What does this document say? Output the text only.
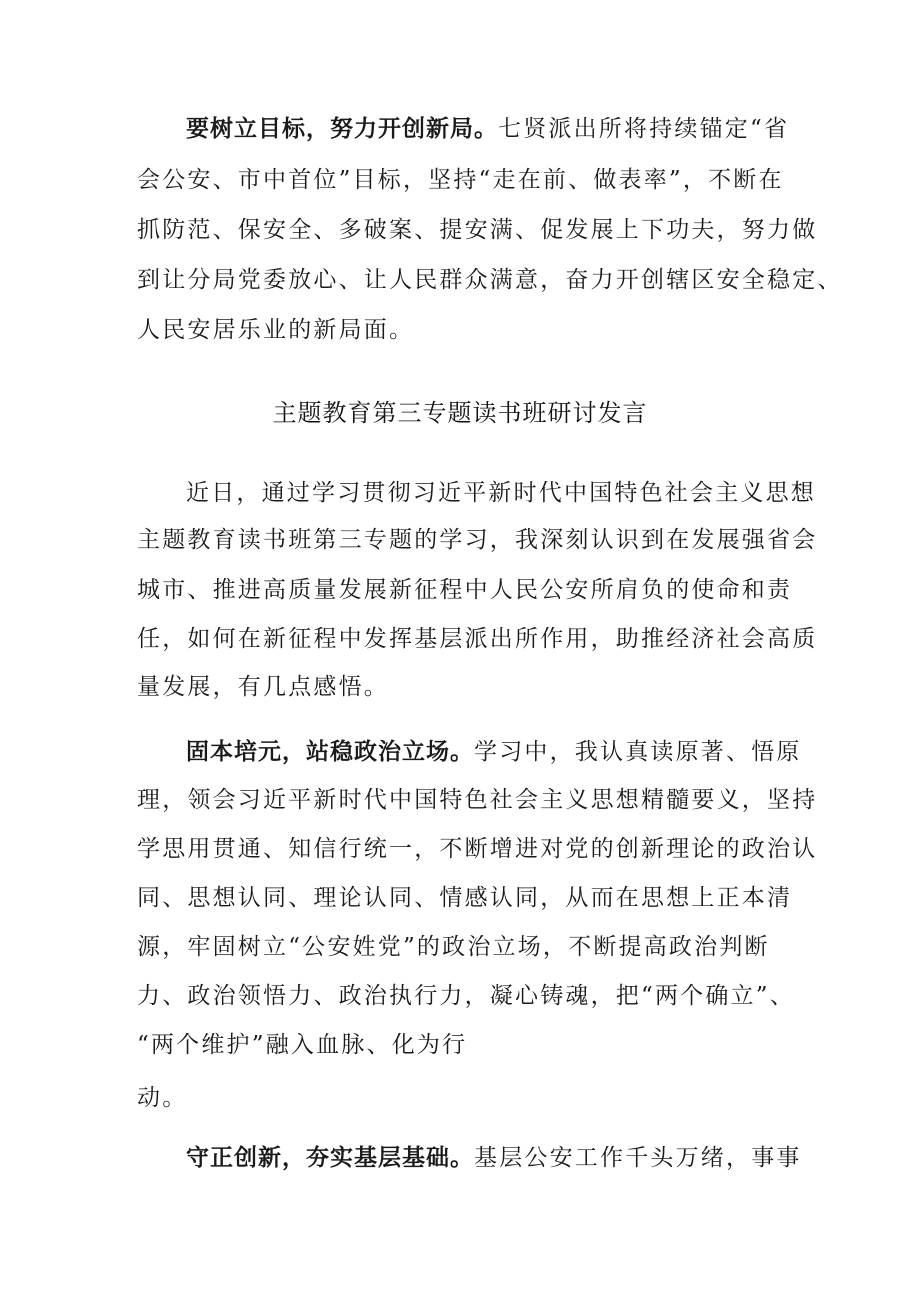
要树立目标，努力开创新局。七贤派出所将持续锚定“省
会公安、市中首位”目标，坚持“走在前、做表率”，不断在
抓防范、保安全、多破案、提安满、促发展上下功夫，努力做
到让分局党委放心、让人民群众满意，奋力开创辖区安全稳定、
人民安居乐业的新局面。
主题教育第三专题读书班研讨发言
近日，通过学习贯彻习近平新时代中国特色社会主义思想
主题教育读书班第三专题的学习，我深刻认识到在发展强省会
城市、推进高质量发展新征程中人民公安所肩负的使命和责
任，如何在新征程中发挥基层派出所作用，助推经济社会高质
量发展，有几点感悟。
固本培元，站稳政治立场。学习中，我认真读原著、悟原
理，领会习近平新时代中国特色社会主义思想精髓要义，坚持
学思用贯通、知信行统一，不断增进对党的创新理论的政治认
同、思想认同、理论认同、情感认同，从而在思想上正本清
源，牢固树立“公安姓党”的政治立场，不断提高政治判断
力、政治领悟力、政治执行力，凝心铸魂，把“两个确立”、
“两个维护”融入血脉、化为行
动。
守正创新，夯实基层基础。基层公安工作千头万绪，事事
